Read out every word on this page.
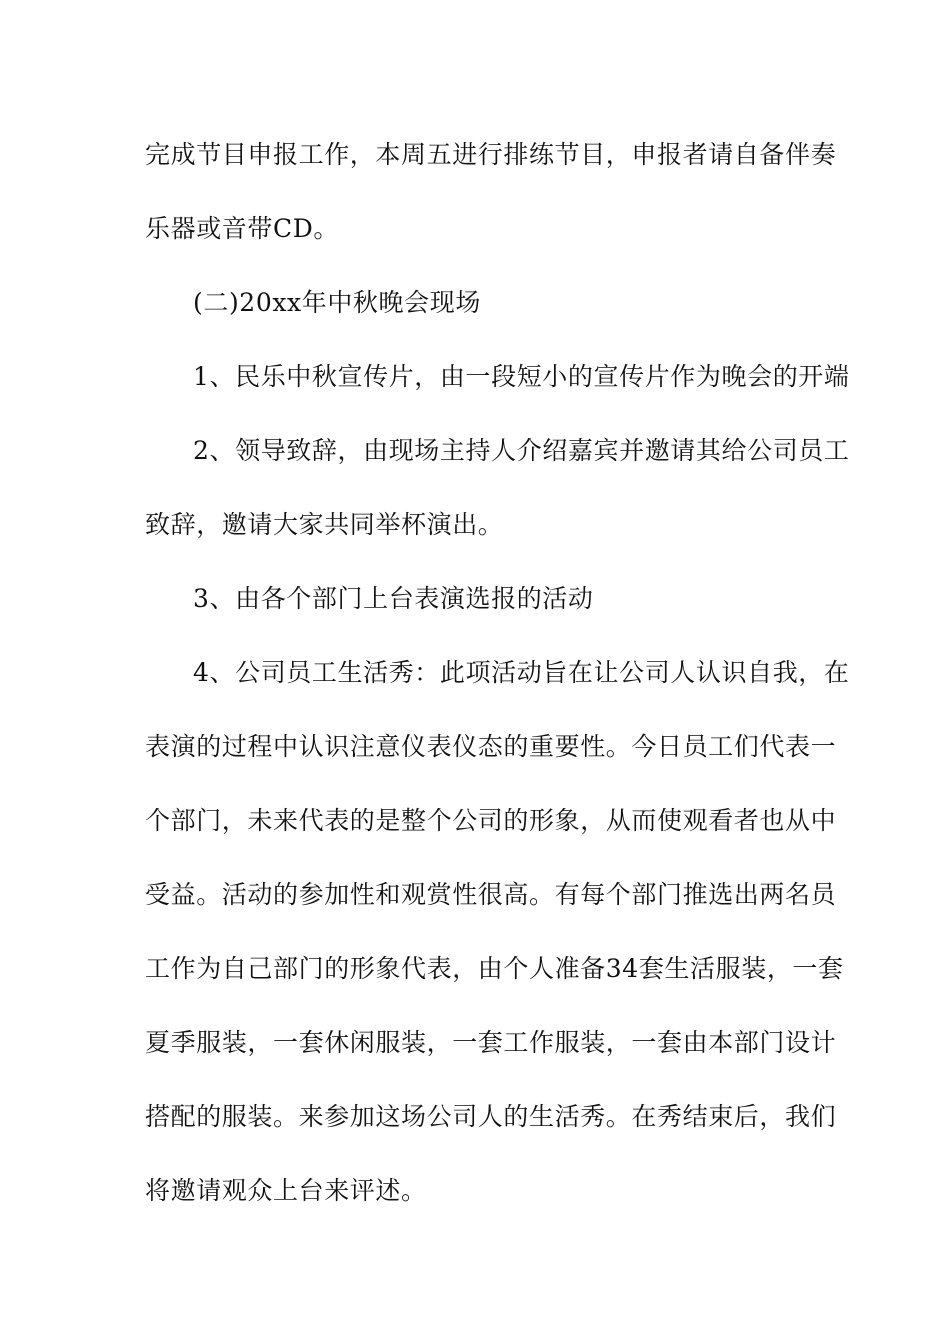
完成节目申报工作，本周五进行排练节目，申报者请自备伴奏
乐器或音带CD。
(二)20xx年中秋晚会现场
1、民乐中秋宣传片，由一段短小的宣传片作为晚会的开端
2、领导致辞，由现场主持人介绍嘉宾并邀请其给公司员工
致辞，邀请大家共同举杯演出。
3、由各个部门上台表演选报的活动
4、公司员工生活秀：此项活动旨在让公司人认识自我，在
表演的过程中认识注意仪表仪态的重要性。今日员工们代表一
个部门，未来代表的是整个公司的形象，从而使观看者也从中
受益。活动的参加性和观赏性很高。有每个部门推选出两名员
工作为自己部门的形象代表，由个人准备34套生活服装，一套
夏季服装，一套休闲服装，一套工作服装，一套由本部门设计
搭配的服装。来参加这场公司人的生活秀。在秀结束后，我们
将邀请观众上台来评述。
